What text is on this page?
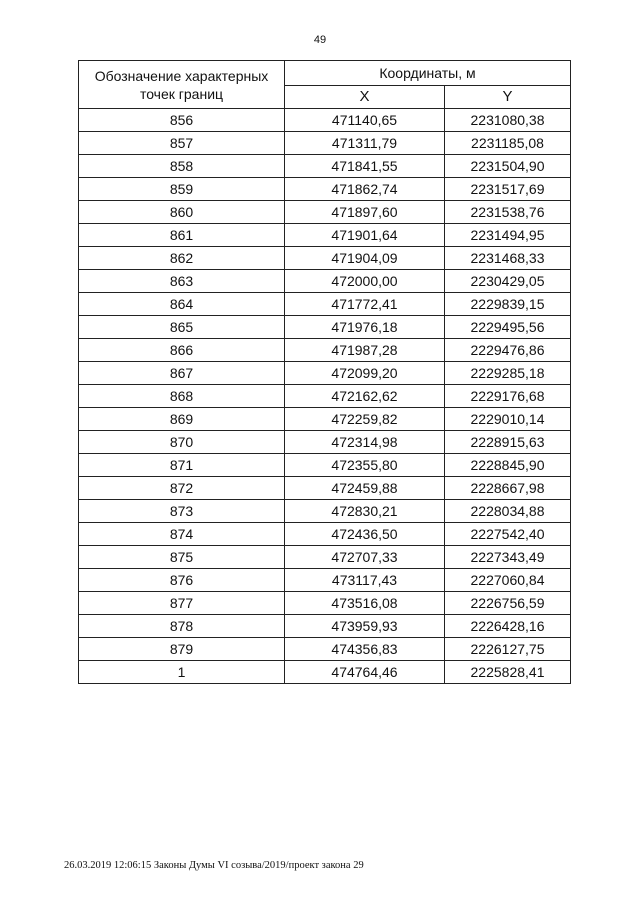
49
Обозначение характерных точек границ	Координаты, м	
	X	Y
856	471140,65	2231080,38
857	471311,79	2231185,08
858	471841,55	2231504,90
859	471862,74	2231517,69
860	471897,60	2231538,76
861	471901,64	2231494,95
862	471904,09	2231468,33
863	472000,00	2230429,05
864	471772,41	2229839,15
865	471976,18	2229495,56
866	471987,28	2229476,86
867	472099,20	2229285,18
868	472162,62	2229176,68
869	472259,82	2229010,14
870	472314,98	2228915,63
871	472355,80	2228845,90
872	472459,88	2228667,98
873	472830,21	2228034,88
874	472436,50	2227542,40
875	472707,33	2227343,49
876	473117,43	2227060,84
877	473516,08	2226756,59
878	473959,93	2226428,16
879	474356,83	2226127,75
1	474764,46	2225828,41
26.03.2019 12:06:15 Законы Думы VI созыва/2019/проект закона 29
